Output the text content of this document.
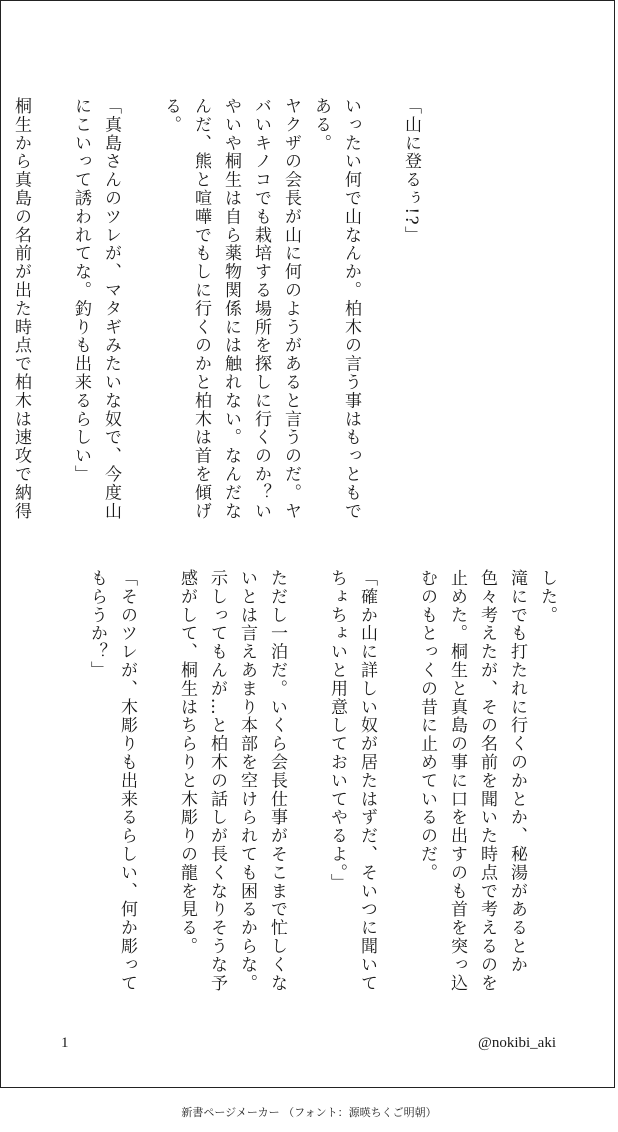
「山に登るぅ!?」

いったい何で山なんか。柏木の言う事はもっともである。

ヤクザの会長が山に何のようがあると言うのだ。ヤバいキノコでも栽培する場所を探しに行くのか？いやいや桐生は自ら薬物関係には触れない。なんだなんだ、熊と喧嘩でもしに行くのかと柏木は首を傾げる。

「真島さんのツレが、マタギみたいな奴で、今度山にこいって誘われてな。釣りも出来るらしい」

桐生から真島の名前が出た時点で柏木は速攻で納得

した。

滝にでも打たれに行くのかとか、秘湯があるとか色々考えたが、その名前を聞いた時点で考えるのを止めた。桐生と真島の事に口を出すのも首を突っ込むのもとっくの昔に止めているのだ。

「確か山に詳しい奴が居たはずだ、そいつに聞いてちょちょいと用意しておいてやるよ。」

ただし一泊だ。いくら会長仕事がそこまで忙しくないとは言えあまり本部を空けられても困るからな。示しってもんが…と柏木の話しが長くなりそうな予感がして、桐生はちらりと木彫りの龍を見る。

「そのツレが、木彫りも出来るらしい、何か彫ってもらうか？」

1	@nokibi_aki
新書ページメーカー （フォント：源暎ちくご明朝）
